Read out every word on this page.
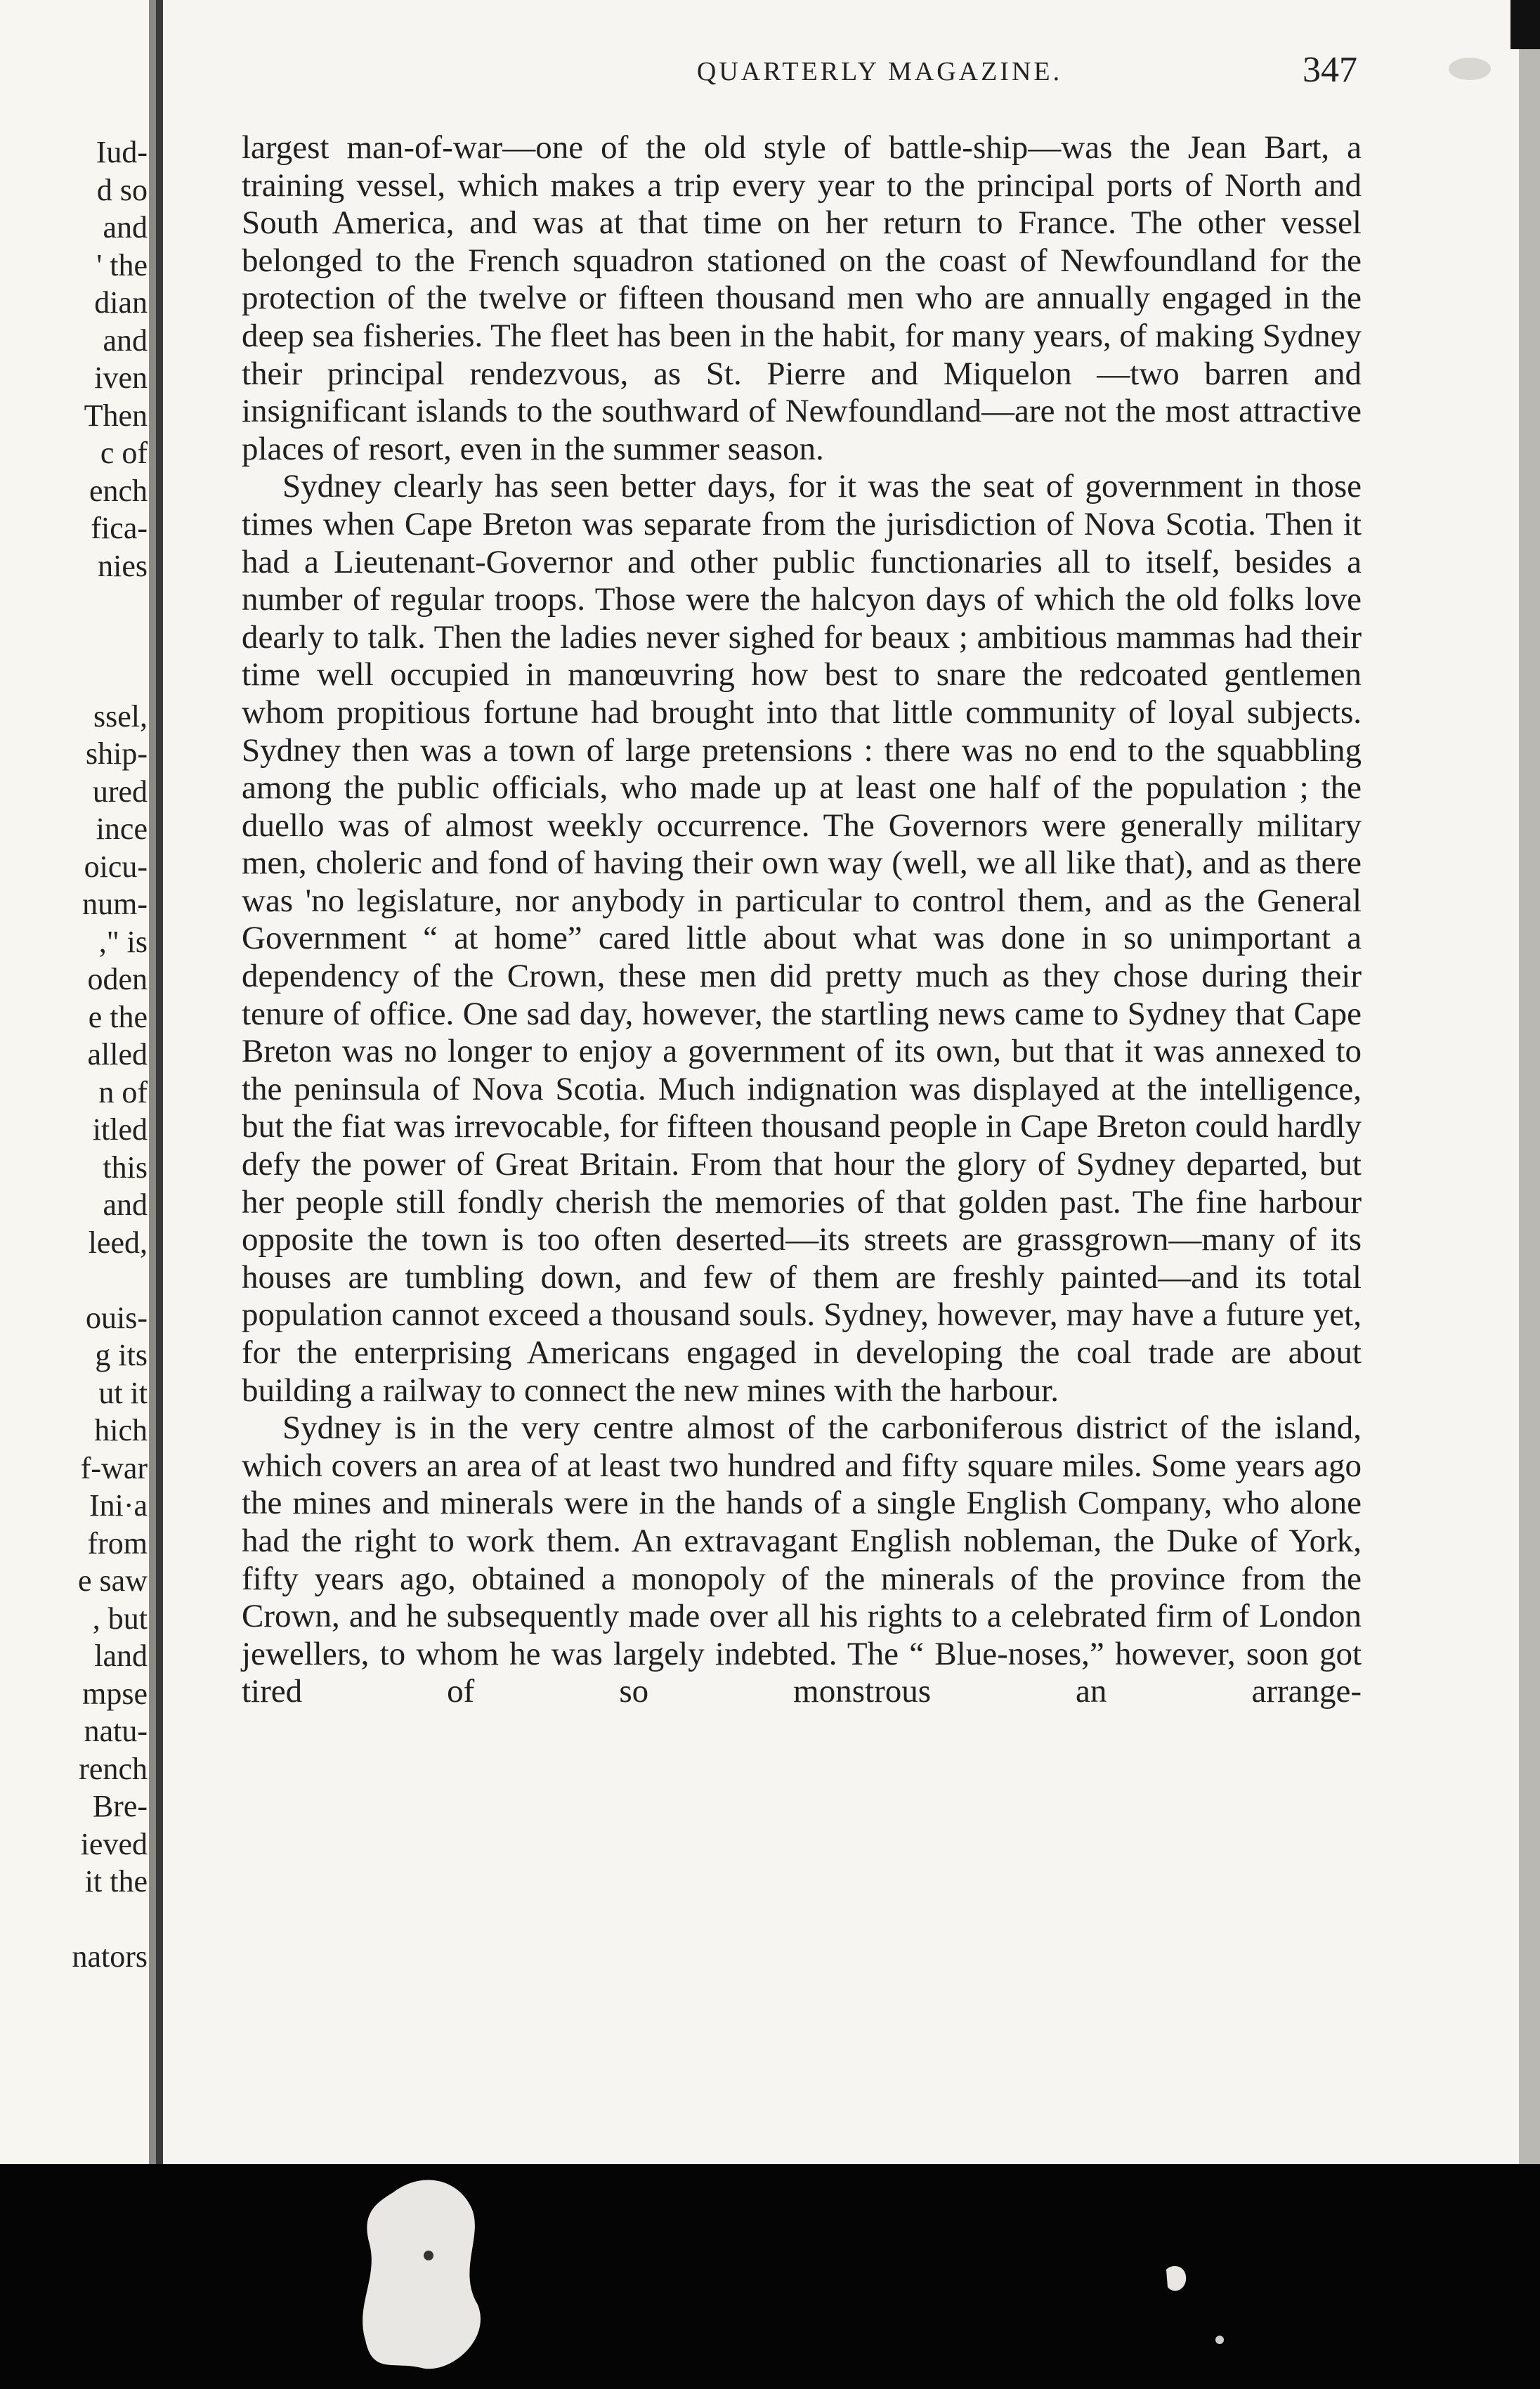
Iud-
d so
and
' the
dian
and
iven
Then
c of
ench
fica-
nies
ssel,
ship-
ured
ince
oicu-
num-
," is
oden
e the
alled
n of
itled
this
and
leed,
ouis-
g its
ut it
hich
f-war
Ini·a
from
e saw
, but
land
mpse
natu-
rench
Bre-
ieved
it the
nators
QUARTERLY MAGAZINE.	347

largest man-of-war—one of the old style of battle-ship—was the Jean Bart, a training vessel, which makes a trip every year to the principal ports of North and South America, and was at that time on her return to France. The other vessel belonged to the French squadron stationed on the coast of Newfoundland for the protection of the twelve or fifteen thousand men who are annually engaged in the deep sea fisheries. The fleet has been in the habit, for many years, of making Sydney their principal rendezvous, as St. Pierre and Miquelon —two barren and insignificant islands to the southward of Newfoundland—are not the most attractive places of resort, even in the summer season.

Sydney clearly has seen better days, for it was the seat of government in those times when Cape Breton was separate from the jurisdiction of Nova Scotia. Then it had a Lieutenant-Governor and other public functionaries all to itself, besides a number of regular troops. Those were the halcyon days of which the old folks love dearly to talk. Then the ladies never sighed for beaux ; ambitious mammas had their time well occupied in manœuvring how best to snare the redcoated gentlemen whom propitious fortune had brought into that little community of loyal subjects. Sydney then was a town of large pretensions : there was no end to the squabbling among the public officials, who made up at least one half of the population ; the duello was of almost weekly occurrence. The Governors were generally military men, choleric and fond of having their own way (well, we all like that), and as there was 'no legislature, nor anybody in particular to control them, and as the General Government “ at home” cared little about what was done in so unimportant a dependency of the Crown, these men did pretty much as they chose during their tenure of office. One sad day, however, the startling news came to Sydney that Cape Breton was no longer to enjoy a government of its own, but that it was annexed to the peninsula of Nova Scotia. Much indignation was displayed at the intelligence, but the fiat was irrevocable, for fifteen thousand people in Cape Breton could hardly defy the power of Great Britain. From that hour the glory of Sydney departed, but her people still fondly cherish the memories of that golden past. The fine harbour opposite the town is too often deserted—its streets are grassgrown—many of its houses are tumbling down, and few of them are freshly painted—and its total population cannot exceed a thousand souls. Sydney, however, may have a future yet, for the enterprising Americans engaged in developing the coal trade are about building a railway to connect the new mines with the harbour.

Sydney is in the very centre almost of the carboniferous district of the island, which covers an area of at least two hundred and fifty square miles. Some years ago the mines and minerals were in the hands of a single English Company, who alone had the right to work them. An extravagant English nobleman, the Duke of York, fifty years ago, obtained a monopoly of the minerals of the province from the Crown, and he subsequently made over all his rights to a celebrated firm of London jewellers, to whom he was largely indebted. The “ Blue-noses,” however, soon got tired of so monstrous an arrange-
